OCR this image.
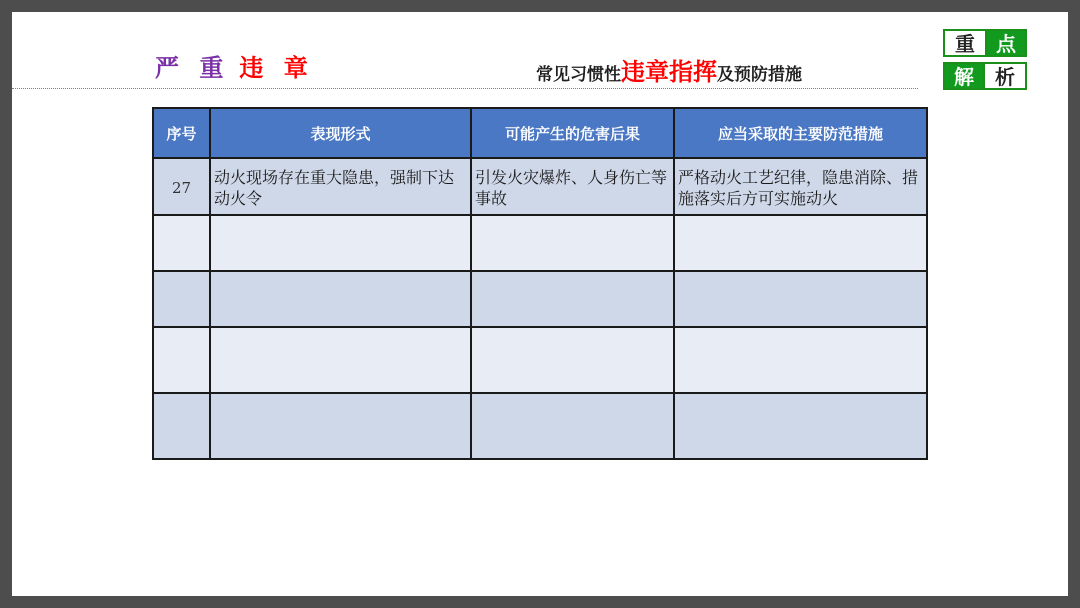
严 重 违 章	常见习惯性违章指挥及预防措施
重	点
解	析
序号	表现形式	可能产生的危害后果	应当采取的主要防范措施
27	动火现场存在重大隐患，强制下达动火令	引发火灾爆炸、人身伤亡等事故	严格动火工艺纪律，隐患消除、措施落实后方可实施动火
